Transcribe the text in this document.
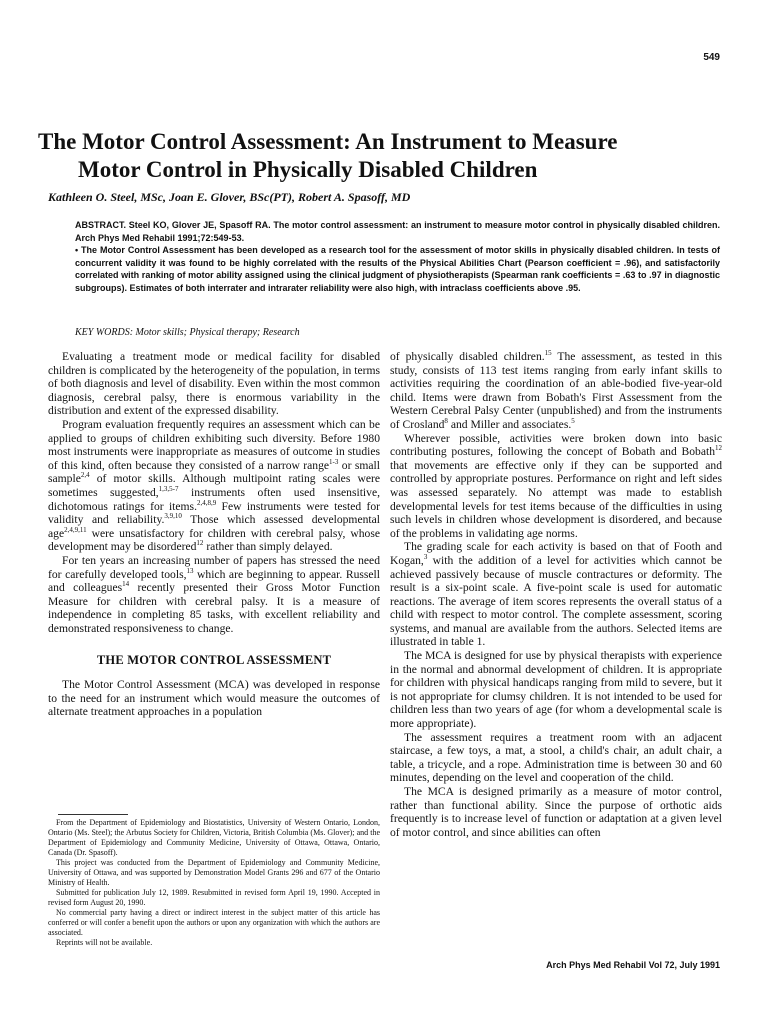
549
The Motor Control Assessment: An Instrument to Measure
Motor Control in Physically Disabled Children
Kathleen O. Steel, MSc, Joan E. Glover, BSc(PT), Robert A. Spasoff, MD

ABSTRACT. Steel KO, Glover JE, Spasoff RA. The motor control assessment: an instrument to measure motor control in physically disabled children. Arch Phys Med Rehabil 1991;72:549-53.

• The Motor Control Assessment has been developed as a research tool for the assessment of motor skills in physically disabled children. In tests of concurrent validity it was found to be highly correlated with the results of the Physical Abilities Chart (Pearson coefficient = .96), and satisfactorily correlated with ranking of motor ability assigned using the clinical judgment of physiotherapists (Spearman rank coefficients = .63 to .97 in diagnostic subgroups). Estimates of both interrater and intrarater reliability were also high, with intraclass coefficients above .95.

KEY WORDS: Motor skills; Physical therapy; Research

Evaluating a treatment mode or medical facility for disabled children is complicated by the heterogeneity of the population, in terms of both diagnosis and level of disability. Even within the most common diagnosis, cerebral palsy, there is enormous variability in the distribution and extent of the expressed disability.

Program evaluation frequently requires an assessment which can be applied to groups of children exhibiting such diversity. Before 1980 most instruments were inappropriate as measures of outcome in studies of this kind, often because they consisted of a narrow range$^{1-3}$ or small sample$^{2,4}$ of motor skills. Although multipoint rating scales were sometimes suggested,$^{1,3,5-7}$ instruments often used insensitive, dichotomous ratings for items.$^{2,4,8,9}$ Few instruments were tested for validity and reliability.$^{3,9,10}$ Those which assessed developmental age$^{2,4,9,11}$ were unsatisfactory for children with cerebral palsy, whose development may be disordered$^{12}$ rather than simply delayed.

For ten years an increasing number of papers has stressed the need for carefully developed tools,$^{13}$ which are beginning to appear. Russell and colleagues$^{14}$ recently presented their Gross Motor Function Measure for children with cerebral palsy. It is a measure of independence in completing 85 tasks, with excellent reliability and demonstrated responsiveness to change.

THE MOTOR CONTROL ASSESSMENT

The Motor Control Assessment (MCA) was developed in response to the need for an instrument which would measure the outcomes of alternate treatment approaches in a population

From the Department of Epidemiology and Biostatistics, University of Western Ontario, London, Ontario (Ms. Steel); the Arbutus Society for Children, Victoria, British Columbia (Ms. Glover); and the Department of Epidemiology and Community Medicine, University of Ottawa, Ottawa, Ontario, Canada (Dr. Spasoff).

This project was conducted from the Department of Epidemiology and Community Medicine, University of Ottawa, and was supported by Demonstration Model Grants 296 and 677 of the Ontario Ministry of Health.

Submitted for publication July 12, 1989. Resubmitted in revised form April 19, 1990. Accepted in revised form August 20, 1990.

No commercial party having a direct or indirect interest in the subject matter of this article has conferred or will confer a benefit upon the authors or upon any organization with which the authors are associated.

Reprints will not be available.

of physically disabled children.$^{15}$ The assessment, as tested in this study, consists of 113 test items ranging from early infant skills to activities requiring the coordination of an able-bodied five-year-old child. Items were drawn from Bobath's First Assessment from the Western Cerebral Palsy Center (unpublished) and from the instruments of Crosland$^8$ and Miller and associates.$^5$

Wherever possible, activities were broken down into basic contributing postures, following the concept of Bobath and Bobath$^{12}$ that movements are effective only if they can be supported and controlled by appropriate postures. Performance on right and left sides was assessed separately. No attempt was made to establish developmental levels for test items because of the difficulties in using such levels in children whose development is disordered, and because of the problems in validating age norms.

The grading scale for each activity is based on that of Footh and Kogan,$^3$ with the addition of a level for activities which cannot be achieved passively because of muscle contractures or deformity. The result is a six-point scale. A five-point scale is used for automatic reactions. The average of item scores represents the overall status of a child with respect to motor control. The complete assessment, scoring systems, and manual are available from the authors. Selected items are illustrated in table 1.

The MCA is designed for use by physical therapists with experience in the normal and abnormal development of children. It is appropriate for children with physical handicaps ranging from mild to severe, but it is not appropriate for clumsy children. It is not intended to be used for children less than two years of age (for whom a developmental scale is more appropriate).

The assessment requires a treatment room with an adjacent staircase, a few toys, a mat, a stool, a child's chair, an adult chair, a table, a tricycle, and a rope. Administration time is between 30 and 60 minutes, depending on the level and cooperation of the child.

The MCA is designed primarily as a measure of motor control, rather than functional ability. Since the purpose of orthotic aids frequently is to increase level of function or adaptation at a given level of motor control, and since abilities can often

Arch Phys Med Rehabil Vol 72, July 1991
